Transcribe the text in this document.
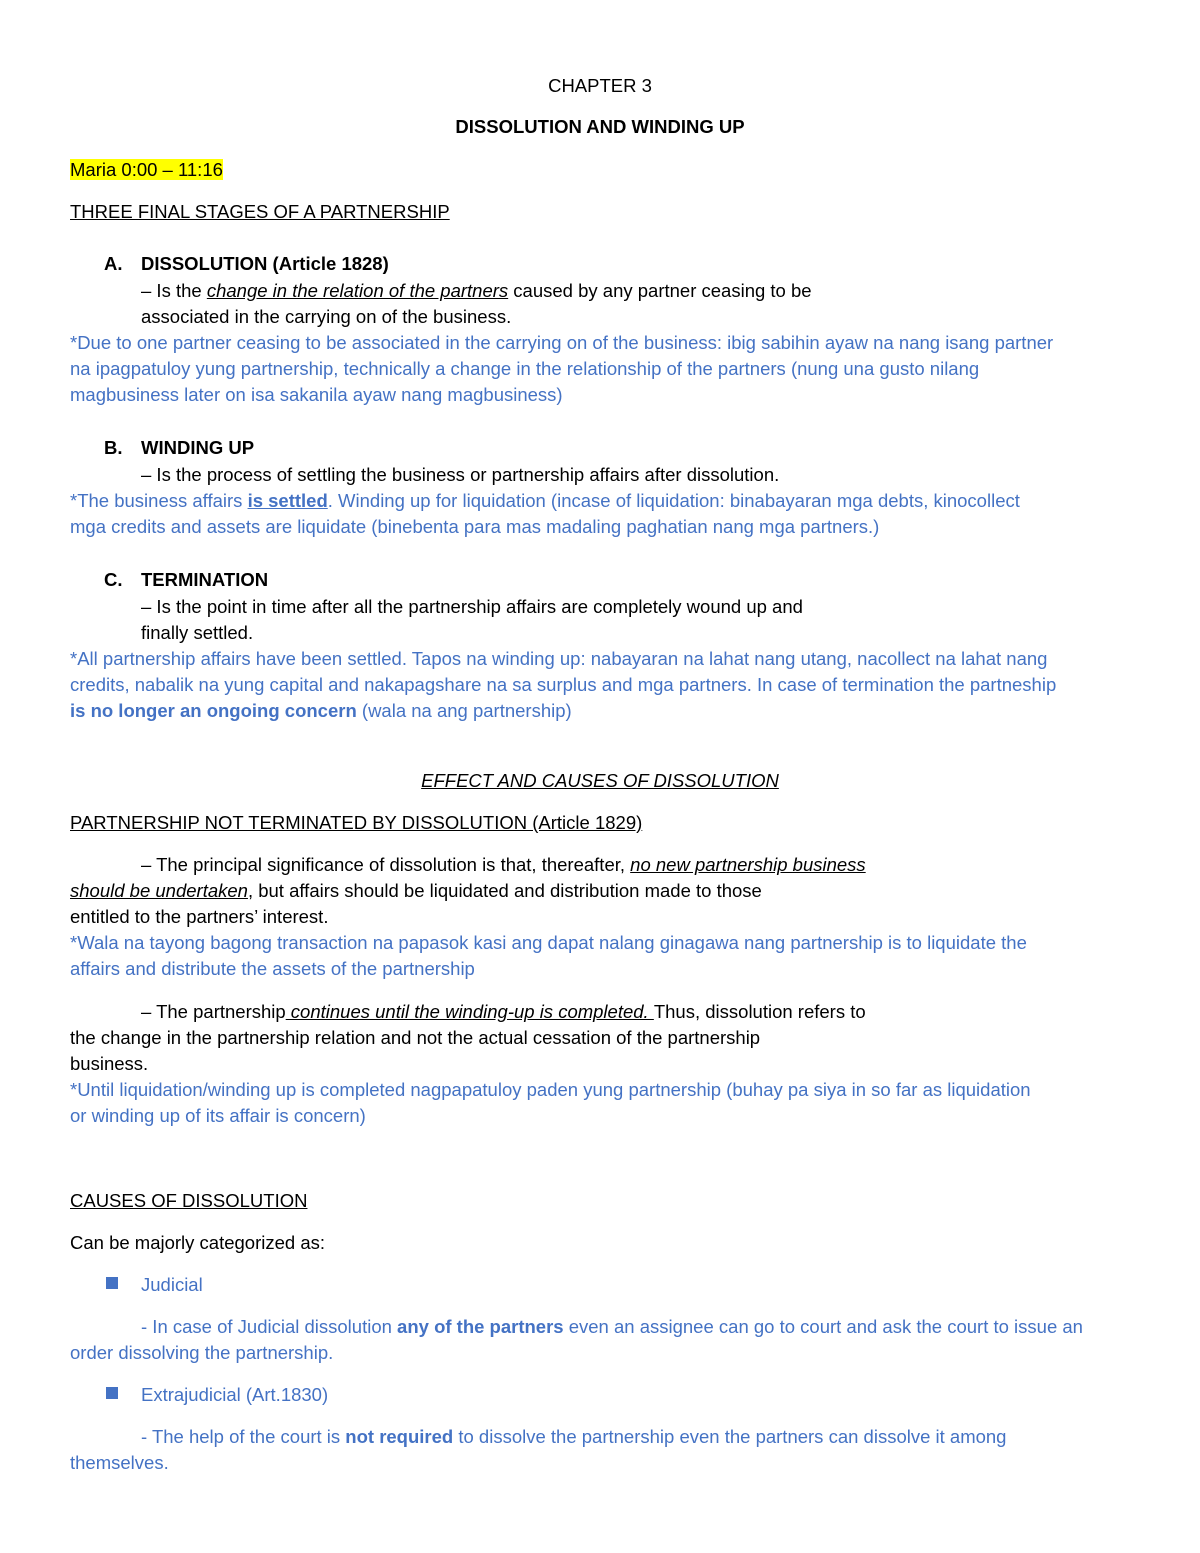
CHAPTER 3
DISSOLUTION AND WINDING UP
Maria 0:00 – 11:16
THREE FINAL STAGES OF A PARTNERSHIP
A. DISSOLUTION (Article 1828)
– Is the change in the relation of the partners caused by any partner ceasing to be
associated in the carrying on of the business.
*Due to one partner ceasing to be associated in the carrying on of the business: ibig sabihin ayaw na nang isang partner
na ipagpatuloy yung partnership, technically a change in the relationship of the partners (nung una gusto nilang
magbusiness later on isa sakanila ayaw nang magbusiness)
B. WINDING UP
– Is the process of settling the business or partnership affairs after dissolution.
*The business affairs is settled. Winding up for liquidation (incase of liquidation: binabayaran mga debts, kinocollect
mga credits and assets are liquidate (binebenta para mas madaling paghatian nang mga partners.)
C. TERMINATION
– Is the point in time after all the partnership affairs are completely wound up and
finally settled.
*All partnership affairs have been settled. Tapos na winding up: nabayaran na lahat nang utang, nacollect na lahat nang
credits, nabalik na yung capital and nakapagshare na sa surplus and mga partners. In case of termination the partneship
is no longer an ongoing concern (wala na ang partnership)
EFFECT AND CAUSES OF DISSOLUTION
PARTNERSHIP NOT TERMINATED BY DISSOLUTION (Article 1829)
– The principal significance of dissolution is that, thereafter, no new partnership business
should be undertaken, but affairs should be liquidated and distribution made to those
entitled to the partners’ interest.
*Wala na tayong bagong transaction na papasok kasi ang dapat nalang ginagawa nang partnership is to liquidate the
affairs and distribute the assets of the partnership
– The partnership continues until the winding-up is completed. Thus, dissolution refers to
the change in the partnership relation and not the actual cessation of the partnership
business.
*Until liquidation/winding up is completed nagpapatuloy paden yung partnership (buhay pa siya in so far as liquidation
or winding up of its affair is concern)
CAUSES OF DISSOLUTION
Can be majorly categorized as:
Judicial
- In case of Judicial dissolution any of the partners even an assignee can go to court and ask the court to issue an
order dissolving the partnership.
Extrajudicial (Art.1830)
- The help of the court is not required to dissolve the partnership even the partners can dissolve it among
themselves.
